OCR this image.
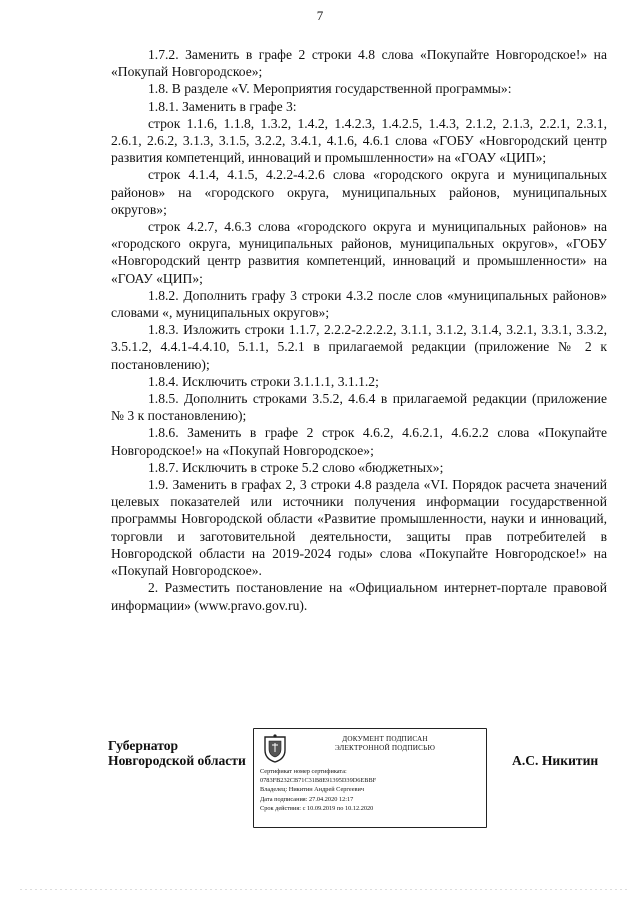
7

1.7.2. Заменить в графе 2 строки 4.8 слова «Покупайте Новгородское!» на «Покупай Новгородское»;

1.8. В разделе «V. Мероприятия государственной программы»:

1.8.1. Заменить в графе 3:

строк 1.1.6, 1.1.8, 1.3.2, 1.4.2, 1.4.2.3, 1.4.2.5, 1.4.3, 2.1.2, 2.1.3, 2.2.1, 2.3.1, 2.6.1, 2.6.2, 3.1.3, 3.1.5, 3.2.2, 3.4.1, 4.1.6, 4.6.1 слова «ГОБУ «Новгородский центр развития компетенций, инноваций и промышленности» на «ГОАУ «ЦИП»;

строк 4.1.4, 4.1.5, 4.2.2-4.2.6 слова «городского округа и муниципальных районов» на «городского округа, муниципальных районов, муниципальных округов»;

строк 4.2.7, 4.6.3 слова «городского округа и муниципальных районов» на «городского округа, муниципальных районов, муниципальных округов», «ГОБУ «Новгородский центр развития компетенций, инноваций и промышленности» на «ГОАУ «ЦИП»;

1.8.2. Дополнить графу 3 строки 4.3.2 после слов «муниципальных районов» словами «, муниципальных округов»;

1.8.3. Изложить строки 1.1.7, 2.2.2-2.2.2.2, 3.1.1, 3.1.2, 3.1.4, 3.2.1, 3.3.1, 3.3.2, 3.5.1.2, 4.4.1-4.4.10, 5.1.1, 5.2.1 в прилагаемой редакции (приложение № 2 к постановлению);

1.8.4. Исключить строки 3.1.1.1, 3.1.1.2;

1.8.5. Дополнить строками 3.5.2, 4.6.4 в прилагаемой редакции (приложение № 3 к постановлению);

1.8.6. Заменить в графе 2 строк 4.6.2, 4.6.2.1, 4.6.2.2 слова «Покупайте Новгородское!» на «Покупай Новгородское»;

1.8.7. Исключить в строке 5.2 слово «бюджетных»;

1.9. Заменить в графах 2, 3 строки 4.8 раздела «VI. Порядок расчета значений целевых показателей или источники получения информации государственной программы Новгородской области «Развитие промышленности, науки и инноваций, торговли и заготовительной деятельности, защиты прав потребителей в Новгородской области на 2019-2024 годы» слова «Покупайте Новгородское!» на «Покупай Новгородское».

2. Разместить постановление на «Официальном интернет-портале правовой информации» (www.pravo.gov.ru).

Губернатор
Новгородской области
ДОКУМЕНТ ПОДПИСАН
ЭЛЕКТРОННОЙ ПОДПИСЬЮ
Сертификат номер сертификата:
0783FB232CB71C31B8E91395D39D6EBBF
Владелец: Никитин Андрей Сергеевич
Дата подписания: 27.04.2020 12:17
Срок действия: с 10.09.2019 по 10.12.2020
А.С. Никитин
